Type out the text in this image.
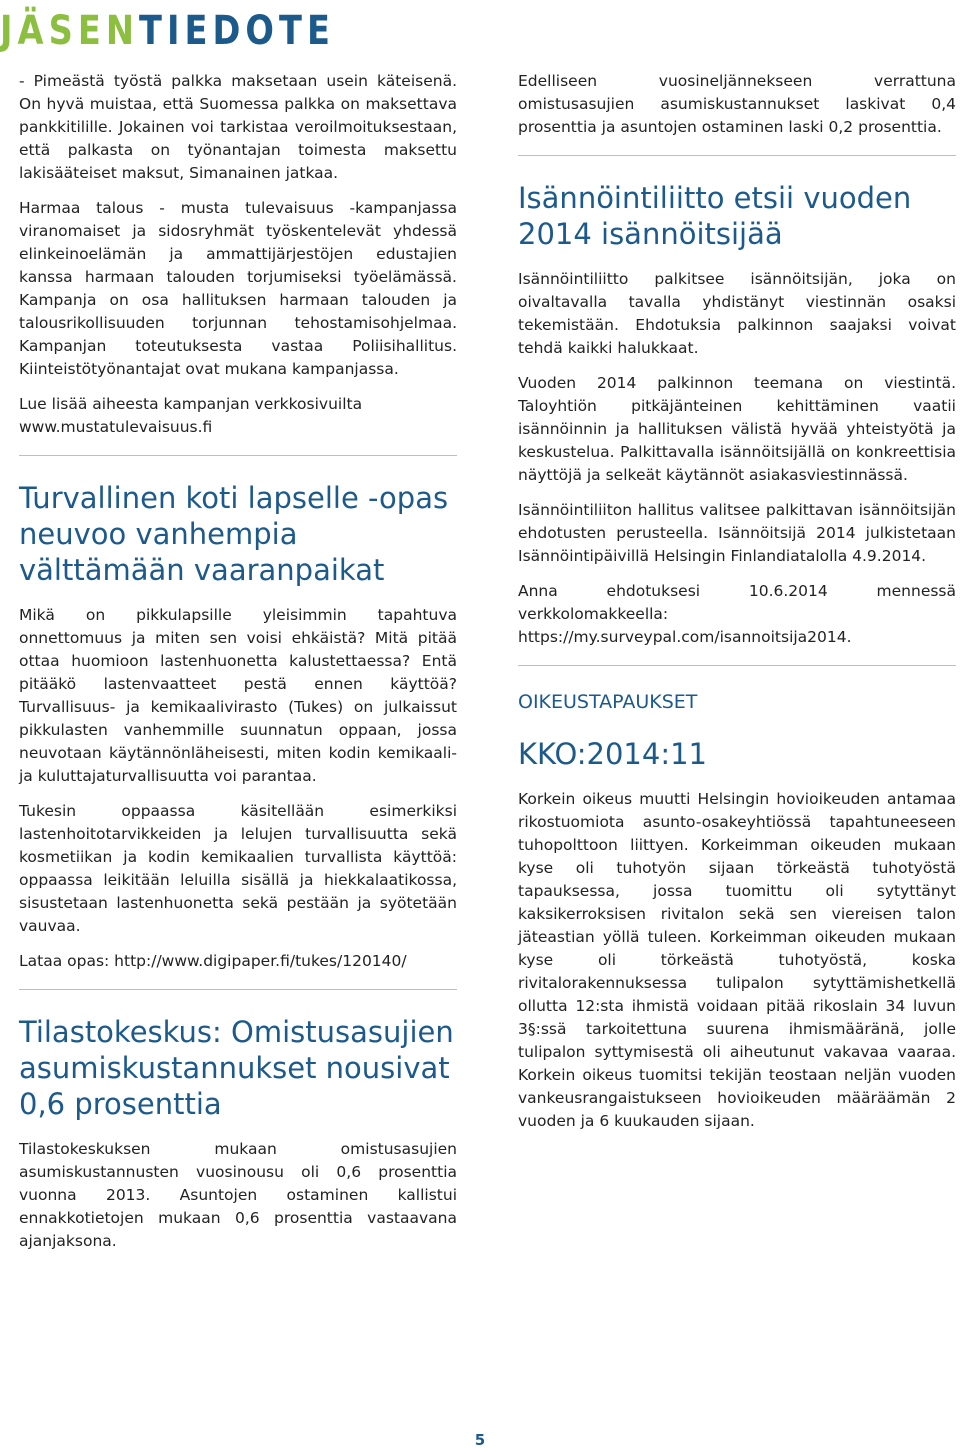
JÄSENTIEDOTE

- Pimeästä työstä palkka maksetaan usein käteisenä. On hyvä muistaa, että Suomessa palkka on maksettava pankkitilille. Jokainen voi tarkistaa veroilmoituksestaan, että palkasta on työnantajan toimesta maksettu lakisääteiset maksut, Simanainen jatkaa.

Harmaa talous - musta tulevaisuus -kampanjassa viranomaiset ja sidosryhmät työskentelevät yhdessä elinkeinoelämän ja ammattijärjestöjen edustajien kanssa harmaan talouden torjumiseksi työelämässä. Kampanja on osa hallituksen harmaan talouden ja talousrikollisuuden torjunnan tehostamisohjelmaa. Kampanjan toteutuksesta vastaa Poliisihallitus. Kiinteistötyönantajat ovat mukana kampanjassa.

Lue lisää aiheesta kampanjan verkkosivuilta www.mustatulevaisuus.fi

Turvallinen koti lapselle -opas neuvoo vanhempia välttämään vaaranpaikat

Mikä on pikkulapsille yleisimmin tapahtuva onnettomuus ja miten sen voisi ehkäistä? Mitä pitää ottaa huomioon lastenhuonetta kalustettaessa? Entä pitääkö lastenvaatteet pestä ennen käyttöä? Turvallisuus- ja kemikaalivirasto (Tukes) on julkaissut pikkulasten vanhemmille suunnatun oppaan, jossa neuvotaan käytännönläheisesti, miten kodin kemikaali- ja kuluttajaturvallisuutta voi parantaa.

Tukesin oppaassa käsitellään esimerkiksi lastenhoitotarvikkeiden ja lelujen turvallisuutta sekä kosmetiikan ja kodin kemikaalien turvallista käyttöä: oppaassa leikitään leluilla sisällä ja hiekkalaatikossa, sisustetaan lastenhuonetta sekä pestään ja syötetään vauvaa.

Lataa opas: http://www.digipaper.fi/tukes/120140/

Tilastokeskus: Omistusasujien asumiskustannukset nousivat 0,6 prosenttia

Tilastokeskuksen mukaan omistusasujien asumiskustannusten vuosinousu oli 0,6 prosenttia vuonna 2013. Asuntojen ostaminen kallistui ennakkotietojen mukaan 0,6 prosenttia vastaavana ajanjaksona.

Edelliseen vuosineljännekseen verrattuna omistusasujien asumiskustannukset laskivat 0,4 prosenttia ja asuntojen ostaminen laski 0,2 prosenttia.

Isännöintiliitto etsii vuoden 2014 isännöitsijää

Isännöintiliitto palkitsee isännöitsijän, joka on oivaltavalla tavalla yhdistänyt viestinnän osaksi tekemistään. Ehdotuksia palkinnon saajaksi voivat tehdä kaikki halukkaat.

Vuoden 2014 palkinnon teemana on viestintä. Taloyhtiön pitkäjänteinen kehittäminen vaatii isännöinnin ja hallituksen välistä hyvää yhteistyötä ja keskustelua. Palkittavalla isännöitsijällä on konkreettisia näyttöjä ja selkeät käytännöt asiakasviestinnässä.

Isännöintiliiton hallitus valitsee palkittavan isännöitsijän ehdotusten perusteella. Isännöitsijä 2014 julkistetaan Isännöintipäivillä Helsingin Finlandiatalolla 4.9.2014.

Anna ehdotuksesi 10.6.2014 mennessä verkkolomakkeella: https://my.surveypal.com/isannoitsija2014.

OIKEUSTAPAUKSET
KKO:2014:11

Korkein oikeus muutti Helsingin hovioikeuden antamaa rikostuomiota asunto-osakeyhtiössä tapahtuneeseen tuhopolttoon liittyen. Korkeimman oikeuden mukaan kyse oli tuhotyön sijaan törkeästä tuhotyöstä tapauksessa, jossa tuomittu oli sytyttänyt kaksikerroksisen rivitalon sekä sen viereisen talon jäteastian yöllä tuleen. Korkeimman oikeuden mukaan kyse oli törkeästä tuhotyöstä, koska rivitalorakennuksessa tulipalon sytyttämishetkellä ollutta 12:sta ihmistä voidaan pitää rikoslain 34 luvun 3§:ssä tarkoitettuna suurena ihmismääränä, jolle tulipalon syttymisestä oli aiheutunut vakavaa vaaraa. Korkein oikeus tuomitsi tekijän teostaan neljän vuoden vankeusrangaistukseen hovioikeuden määräämän 2 vuoden ja 6 kuukauden sijaan.

5
